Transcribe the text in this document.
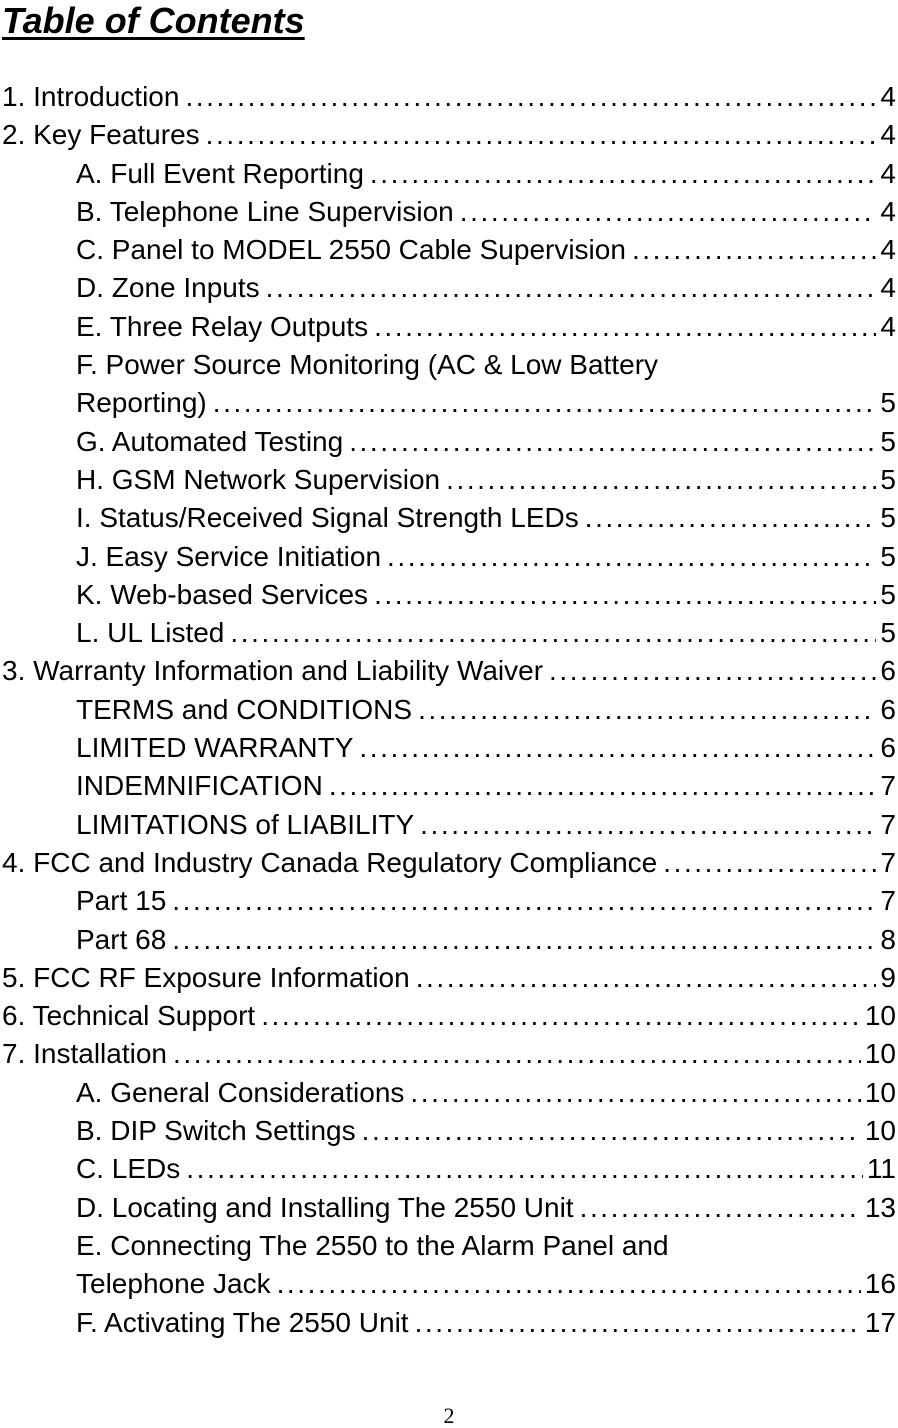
Table of Contents
1. Introduction . . .	4
2. Key Features . . .	4
A. Full Event Reporting . . .	4
B. Telephone Line Supervision . . .	4
C. Panel to MODEL 2550 Cable Supervision . . .	4
D. Zone Inputs . . .	4
E. Three Relay Outputs . . .	4
F. Power Source Monitoring (AC & Low Battery
Reporting) . . .	5
G. Automated Testing . . .	5
H. GSM Network Supervision . . .	5
I. Status/Received Signal Strength LEDs . . .	5
J. Easy Service Initiation . . .	5
K. Web-based Services . . .	5
L. UL Listed . . .	5
3. Warranty Information and Liability Waiver . . .	6
TERMS and CONDITIONS . . .	6
LIMITED WARRANTY . . .	6
INDEMNIFICATION . . .	7
LIMITATIONS of LIABILITY . . .	7
4. FCC and Industry Canada Regulatory Compliance . . .	7
Part 15 . . .	7
Part 68 . . .	8
5. FCC RF Exposure Information . . .	9
6. Technical Support . . .	10
7. Installation . . .	10
A. General Considerations . . .	10
B. DIP Switch Settings . . .	10
C. LEDs . . .	11
D. Locating and Installing The 2550 Unit . . .	13
E. Connecting The 2550 to the Alarm Panel and
Telephone Jack . . .	16
F. Activating The 2550 Unit . . .	17
2
